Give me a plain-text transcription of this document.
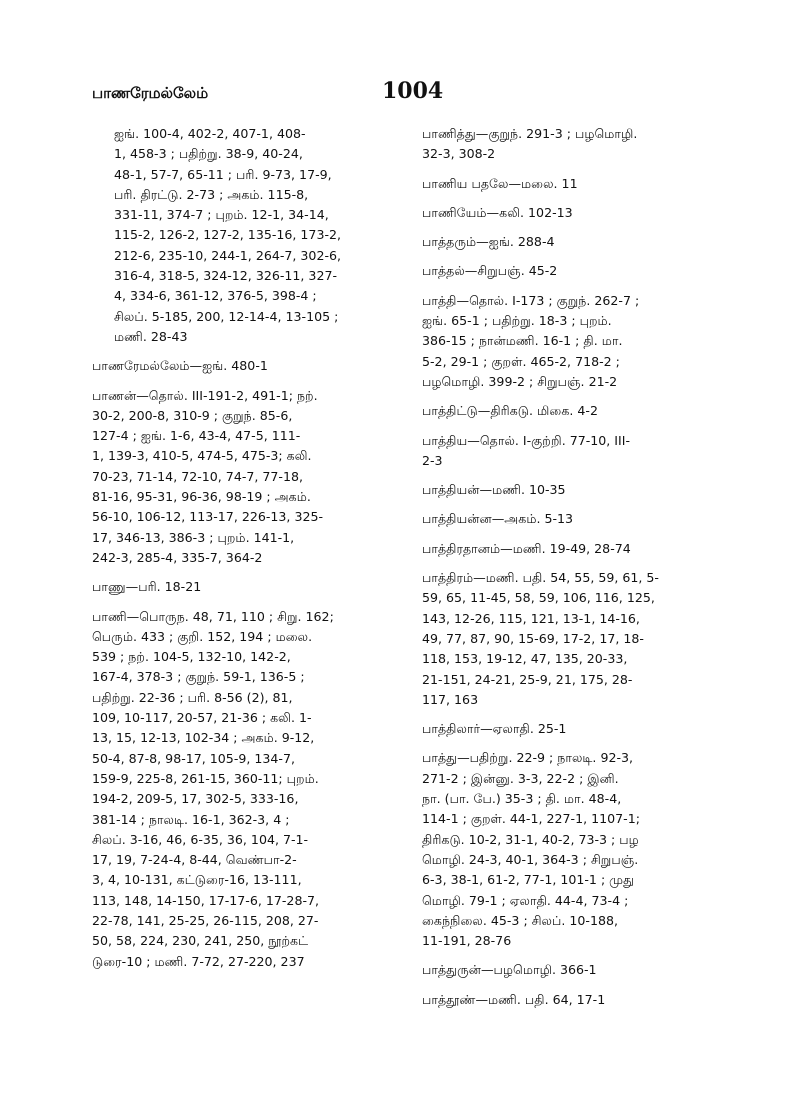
பாணரேமல்லேம்	1004
ஐங். 100-4, 402-2, 407-1, 408-
1, 458-3 ; பதிற்று. 38-9, 40-24,
48-1, 57-7, 65-11 ; பரி. 9-73, 17-9,
பரி. திரட்டு. 2-73 ; அகம். 115-8,
331-11, 374-7 ; புறம். 12-1, 34-14,
115-2, 126-2, 127-2, 135-16, 173-2,
212-6, 235-10, 244-1, 264-7, 302-6,
316-4, 318-5, 324-12, 326-11, 327-
4, 334-6, 361-12, 376-5, 398-4 ;
சிலப். 5-185, 200, 12-14-4, 13-105 ;
மணி. 28-43
பாணரேமல்லேம்—ஐங். 480-1
பாணன்—தொல். III-191-2, 491-1; நற்.
30-2, 200-8, 310-9 ; குறுந். 85-6,
127-4 ; ஐங். 1-6, 43-4, 47-5, 111-
1, 139-3, 410-5, 474-5, 475-3; கலி.
70-23, 71-14, 72-10, 74-7, 77-18,
81-16, 95-31, 96-36, 98-19 ; அகம்.
56-10, 106-12, 113-17, 226-13, 325-
17, 346-13, 386-3 ; புறம். 141-1,
242-3, 285-4, 335-7, 364-2
பாணு—பரி. 18-21
பாணி—பொருந. 48, 71, 110 ; சிறு. 162;
பெரும். 433 ; குறி. 152, 194 ; மலை.
539 ; நற். 104-5, 132-10, 142-2,
167-4, 378-3 ; குறுந். 59-1, 136-5 ;
பதிற்று. 22-36 ; பரி. 8-56 (2), 81,
109, 10-117, 20-57, 21-36 ; கலி. 1-
13, 15, 12-13, 102-34 ; அகம். 9-12,
50-4, 87-8, 98-17, 105-9, 134-7,
159-9, 225-8, 261-15, 360-11; புறம்.
194-2, 209-5, 17, 302-5, 333-16,
381-14 ; நாலடி. 16-1, 362-3, 4 ;
சிலப். 3-16, 46, 6-35, 36, 104, 7-1-
17, 19, 7-24-4, 8-44, வெண்பா-2-
3, 4, 10-131, கட்டுரை-16, 13-111,
113, 148, 14-150, 17-17-6, 17-28-7,
22-78, 141, 25-25, 26-115, 208, 27-
50, 58, 224, 230, 241, 250, நூற்கட்
டுரை-10 ; மணி. 7-72, 27-220, 237
பாணித்து—குறுந். 291-3 ; பழமொழி.
32-3, 308-2
பாணிய பதலே—மலை. 11
பாணியேம்—கலி. 102-13
பாத்தரும்—ஐங். 288-4
பாத்தல்—சிறுபஞ். 45-2
பாத்தி—தொல். I-173 ; குறுந். 262-7 ;
ஐங். 65-1 ; பதிற்று. 18-3 ; புறம்.
386-15 ; நான்மணி. 16-1 ; தி. மா.
5-2, 29-1 ; குறள். 465-2, 718-2 ;
பழமொழி. 399-2 ; சிறுபஞ். 21-2
பாத்திட்டு—திரிகடு. மிகை. 4-2
பாத்திய—தொல். I-குற்றி. 77-10, III-
2-3
பாத்தியன்—மணி. 10-35
பாத்தியன்ன—அகம். 5-13
பாத்திரதானம்—மணி. 19-49, 28-74
பாத்திரம்—மணி. பதி. 54, 55, 59, 61, 5-
59, 65, 11-45, 58, 59, 106, 116, 125,
143, 12-26, 115, 121, 13-1, 14-16,
49, 77, 87, 90, 15-69, 17-2, 17, 18-
118, 153, 19-12, 47, 135, 20-33,
21-151, 24-21, 25-9, 21, 175, 28-
117, 163
பாத்திலார்—ஏலாதி. 25-1
பாத்து—பதிற்று. 22-9 ; நாலடி. 92-3,
271-2 ; இன்னு. 3-3, 22-2 ; இனி.
நா. (பா. பே.) 35-3 ; தி. மா. 48-4,
114-1 ; குறள். 44-1, 227-1, 1107-1;
திரிகடு. 10-2, 31-1, 40-2, 73-3 ; பழ
மொழி. 24-3, 40-1, 364-3 ; சிறுபஞ்.
6-3, 38-1, 61-2, 77-1, 101-1 ; முது
மொழி. 79-1 ; ஏலாதி. 44-4, 73-4 ;
கைந்நிலை. 45-3 ; சிலப். 10-188,
11-191, 28-76
பாத்துருன்—பழமொழி. 366-1
பாத்தூண்—மணி. பதி. 64, 17-1
